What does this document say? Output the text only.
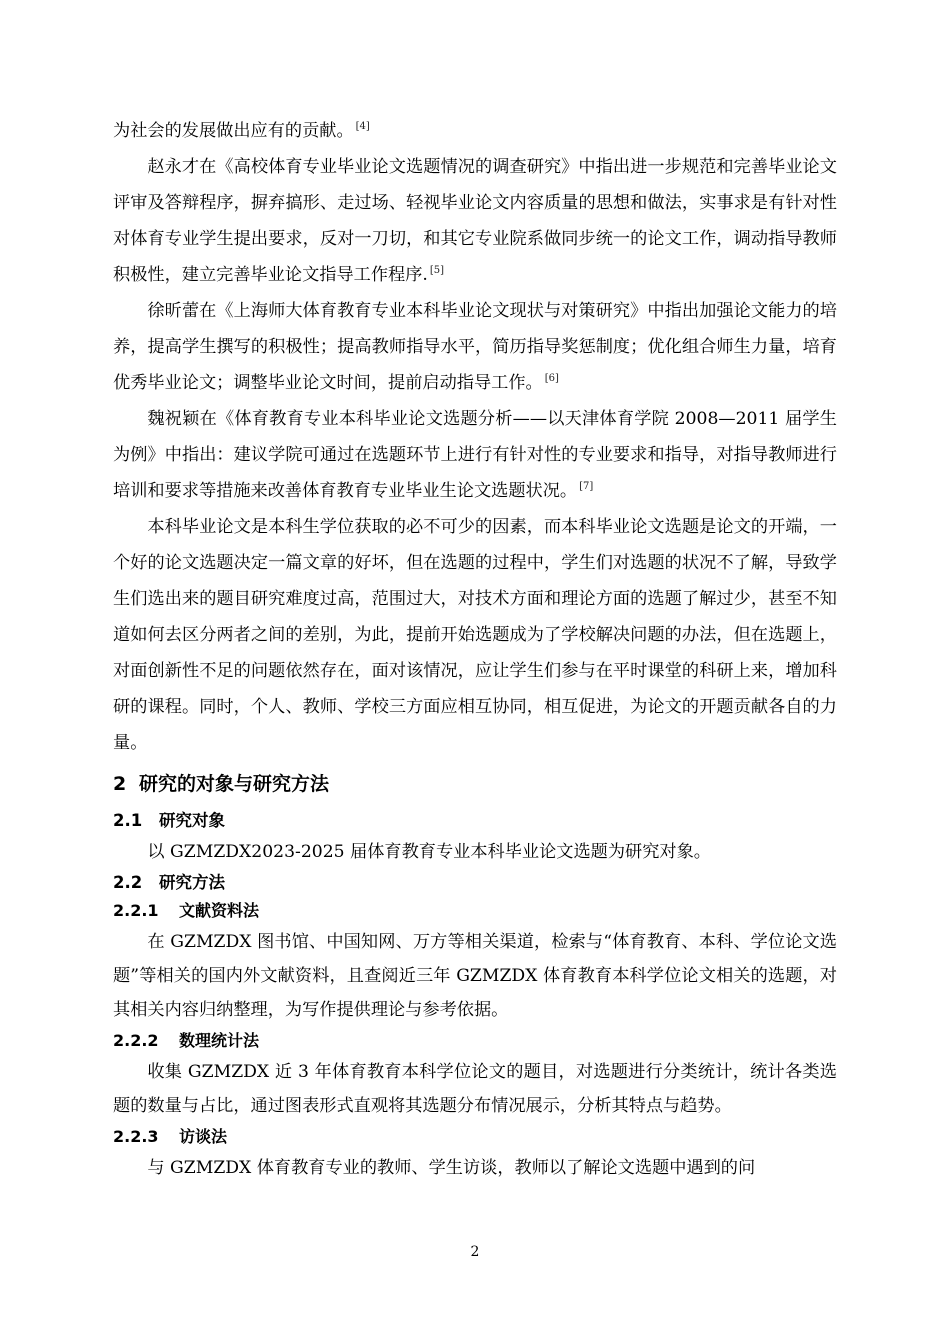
为社会的发展做出应有的贡献。 [4]

赵永才在《高校体育专业毕业论文选题情况的调查研究》中指出进一步规范和完善毕业论文评审及答辩程序，摒弃搞形、走过场、轻视毕业论文内容质量的思想和做法，实事求是有针对性对体育专业学生提出要求，反对一刀切，和其它专业院系做同步统一的论文工作，调动指导教师积极性，建立完善毕业论文指导工作程序. [5]

徐昕蕾在《上海师大体育教育专业本科毕业论文现状与对策研究》中指出加强论文能力的培养，提高学生撰写的积极性；提高教师指导水平，简历指导奖惩制度；优化组合师生力量，培育优秀毕业论文；调整毕业论文时间，提前启动指导工作。 [6]

魏祝颖在《体育教育专业本科毕业论文选题分析——以天津体育学院 2008—2011 届学生为例》中指出：建议学院可通过在选题环节上进行有针对性的专业要求和指导，对指导教师进行培训和要求等措施来改善体育教育专业毕业生论文选题状况。 [7]

本科毕业论文是本科生学位获取的必不可少的因素，而本科毕业论文选题是论文的开端，一个好的论文选题决定一篇文章的好坏，但在选题的过程中，学生们对选题的状况不了解，导致学生们选出来的题目研究难度过高，范围过大，对技术方面和理论方面的选题了解过少，甚至不知道如何去区分两者之间的差别，为此，提前开始选题成为了学校解决问题的办法，但在选题上，对面创新性不足的问题依然存在，面对该情况，应让学生们参与在平时课堂的科研上来，增加科研的课程。同时，个人、教师、学校三方面应相互协同，相互促进，为论文的开题贡献各自的力量。

2 研究的对象与研究方法
2.1 研究对象

以 GZMZDX2023-2025 届体育教育专业本科毕业论文选题为研究对象。

2.2 研究方法
2.2.1 文献资料法

在 GZMZDX 图书馆、中国知网、万方等相关渠道，检索与“体育教育、本科、学位论文选题”等相关的国内外文献资料，且查阅近三年 GZMZDX 体育教育本科学位论文相关的选题，对其相关内容归纳整理，为写作提供理论与参考依据。

2.2.2 数理统计法

收集 GZMZDX 近 3 年体育教育本科学位论文的题目，对选题进行分类统计，统计各类选题的数量与占比，通过图表形式直观将其选题分布情况展示，分析其特点与趋势。

2.2.3 访谈法

与 GZMZDX 体育教育专业的教师、学生访谈，教师以了解论文选题中遇到的问

2
